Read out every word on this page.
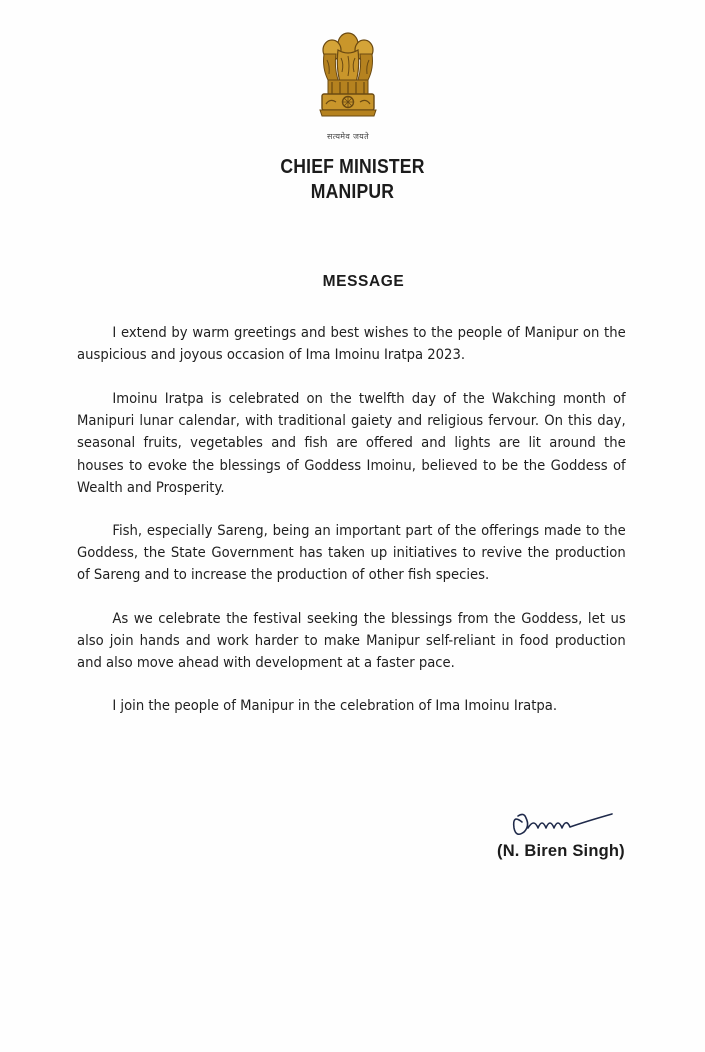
सत्यमेव जयते
CHIEF MINISTER
MANIPUR
MESSAGE

I extend by warm greetings and best wishes to the people of Manipur on the auspicious and joyous occasion of Ima Imoinu Iratpa 2023.

Imoinu Iratpa is celebrated on the twelfth day of the Wakching month of Manipuri lunar calendar, with traditional gaiety and religious fervour. On this day, seasonal fruits, vegetables and fish are offered and lights are lit around the houses to evoke the blessings of Goddess Imoinu, believed to be the Goddess of Wealth and Prosperity.

Fish, especially Sareng, being an important part of the offerings made to the Goddess, the State Government has taken up initiatives to revive the production of Sareng and to increase the production of other fish species.

As we celebrate the festival seeking the blessings from the Goddess, let us also join hands and work harder to make Manipur self-reliant in food production and also move ahead with development at a faster pace.

I join the people of Manipur in the celebration of Ima Imoinu Iratpa.

(N. Biren Singh)
